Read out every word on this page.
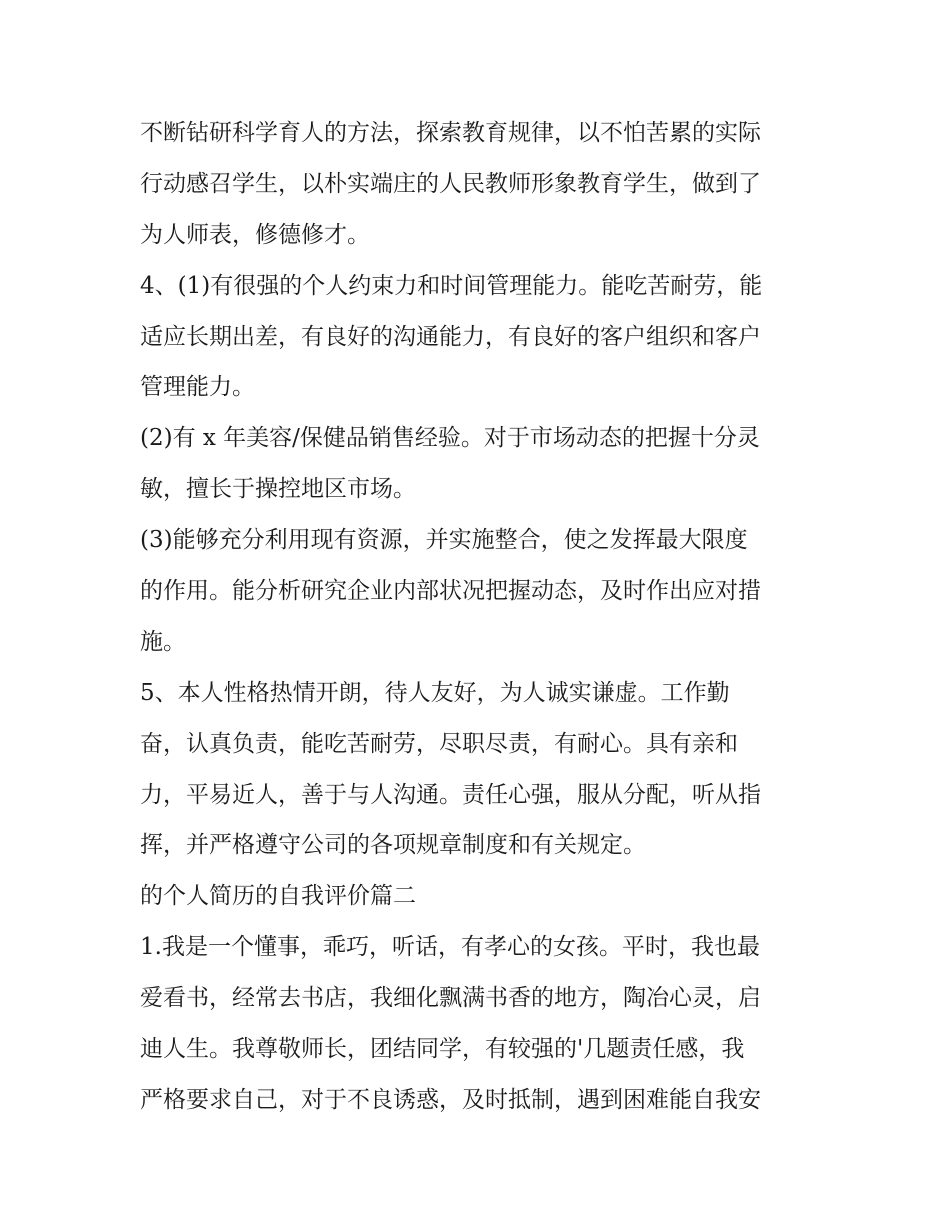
不断钻研科学育人的方法，探索教育规律，以不怕苦累的实际
行动感召学生，以朴实端庄的人民教师形象教育学生，做到了
为人师表，修德修才。
4、(1)有很强的个人约束力和时间管理能力。能吃苦耐劳，能
适应长期出差，有良好的沟通能力，有良好的客户组织和客户
管理能力。
(2)有 x 年美容/保健品销售经验。对于市场动态的把握十分灵
敏，擅长于操控地区市场。
(3)能够充分利用现有资源，并实施整合，使之发挥最大限度
的作用。能分析研究企业内部状况把握动态，及时作出应对措
施。
5、本人性格热情开朗，待人友好，为人诚实谦虚。工作勤
奋，认真负责，能吃苦耐劳，尽职尽责，有耐心。具有亲和
力，平易近人，善于与人沟通。责任心强，服从分配，听从指
挥，并严格遵守公司的各项规章制度和有关规定。
的个人简历的自我评价篇二
1.我是一个懂事，乖巧，听话，有孝心的女孩。平时，我也最
爱看书，经常去书店，我细化飘满书香的地方，陶冶心灵，启
迪人生。我尊敬师长，团结同学，有较强的'几题责任感，我
严格要求自己，对于不良诱惑，及时抵制，遇到困难能自我安
